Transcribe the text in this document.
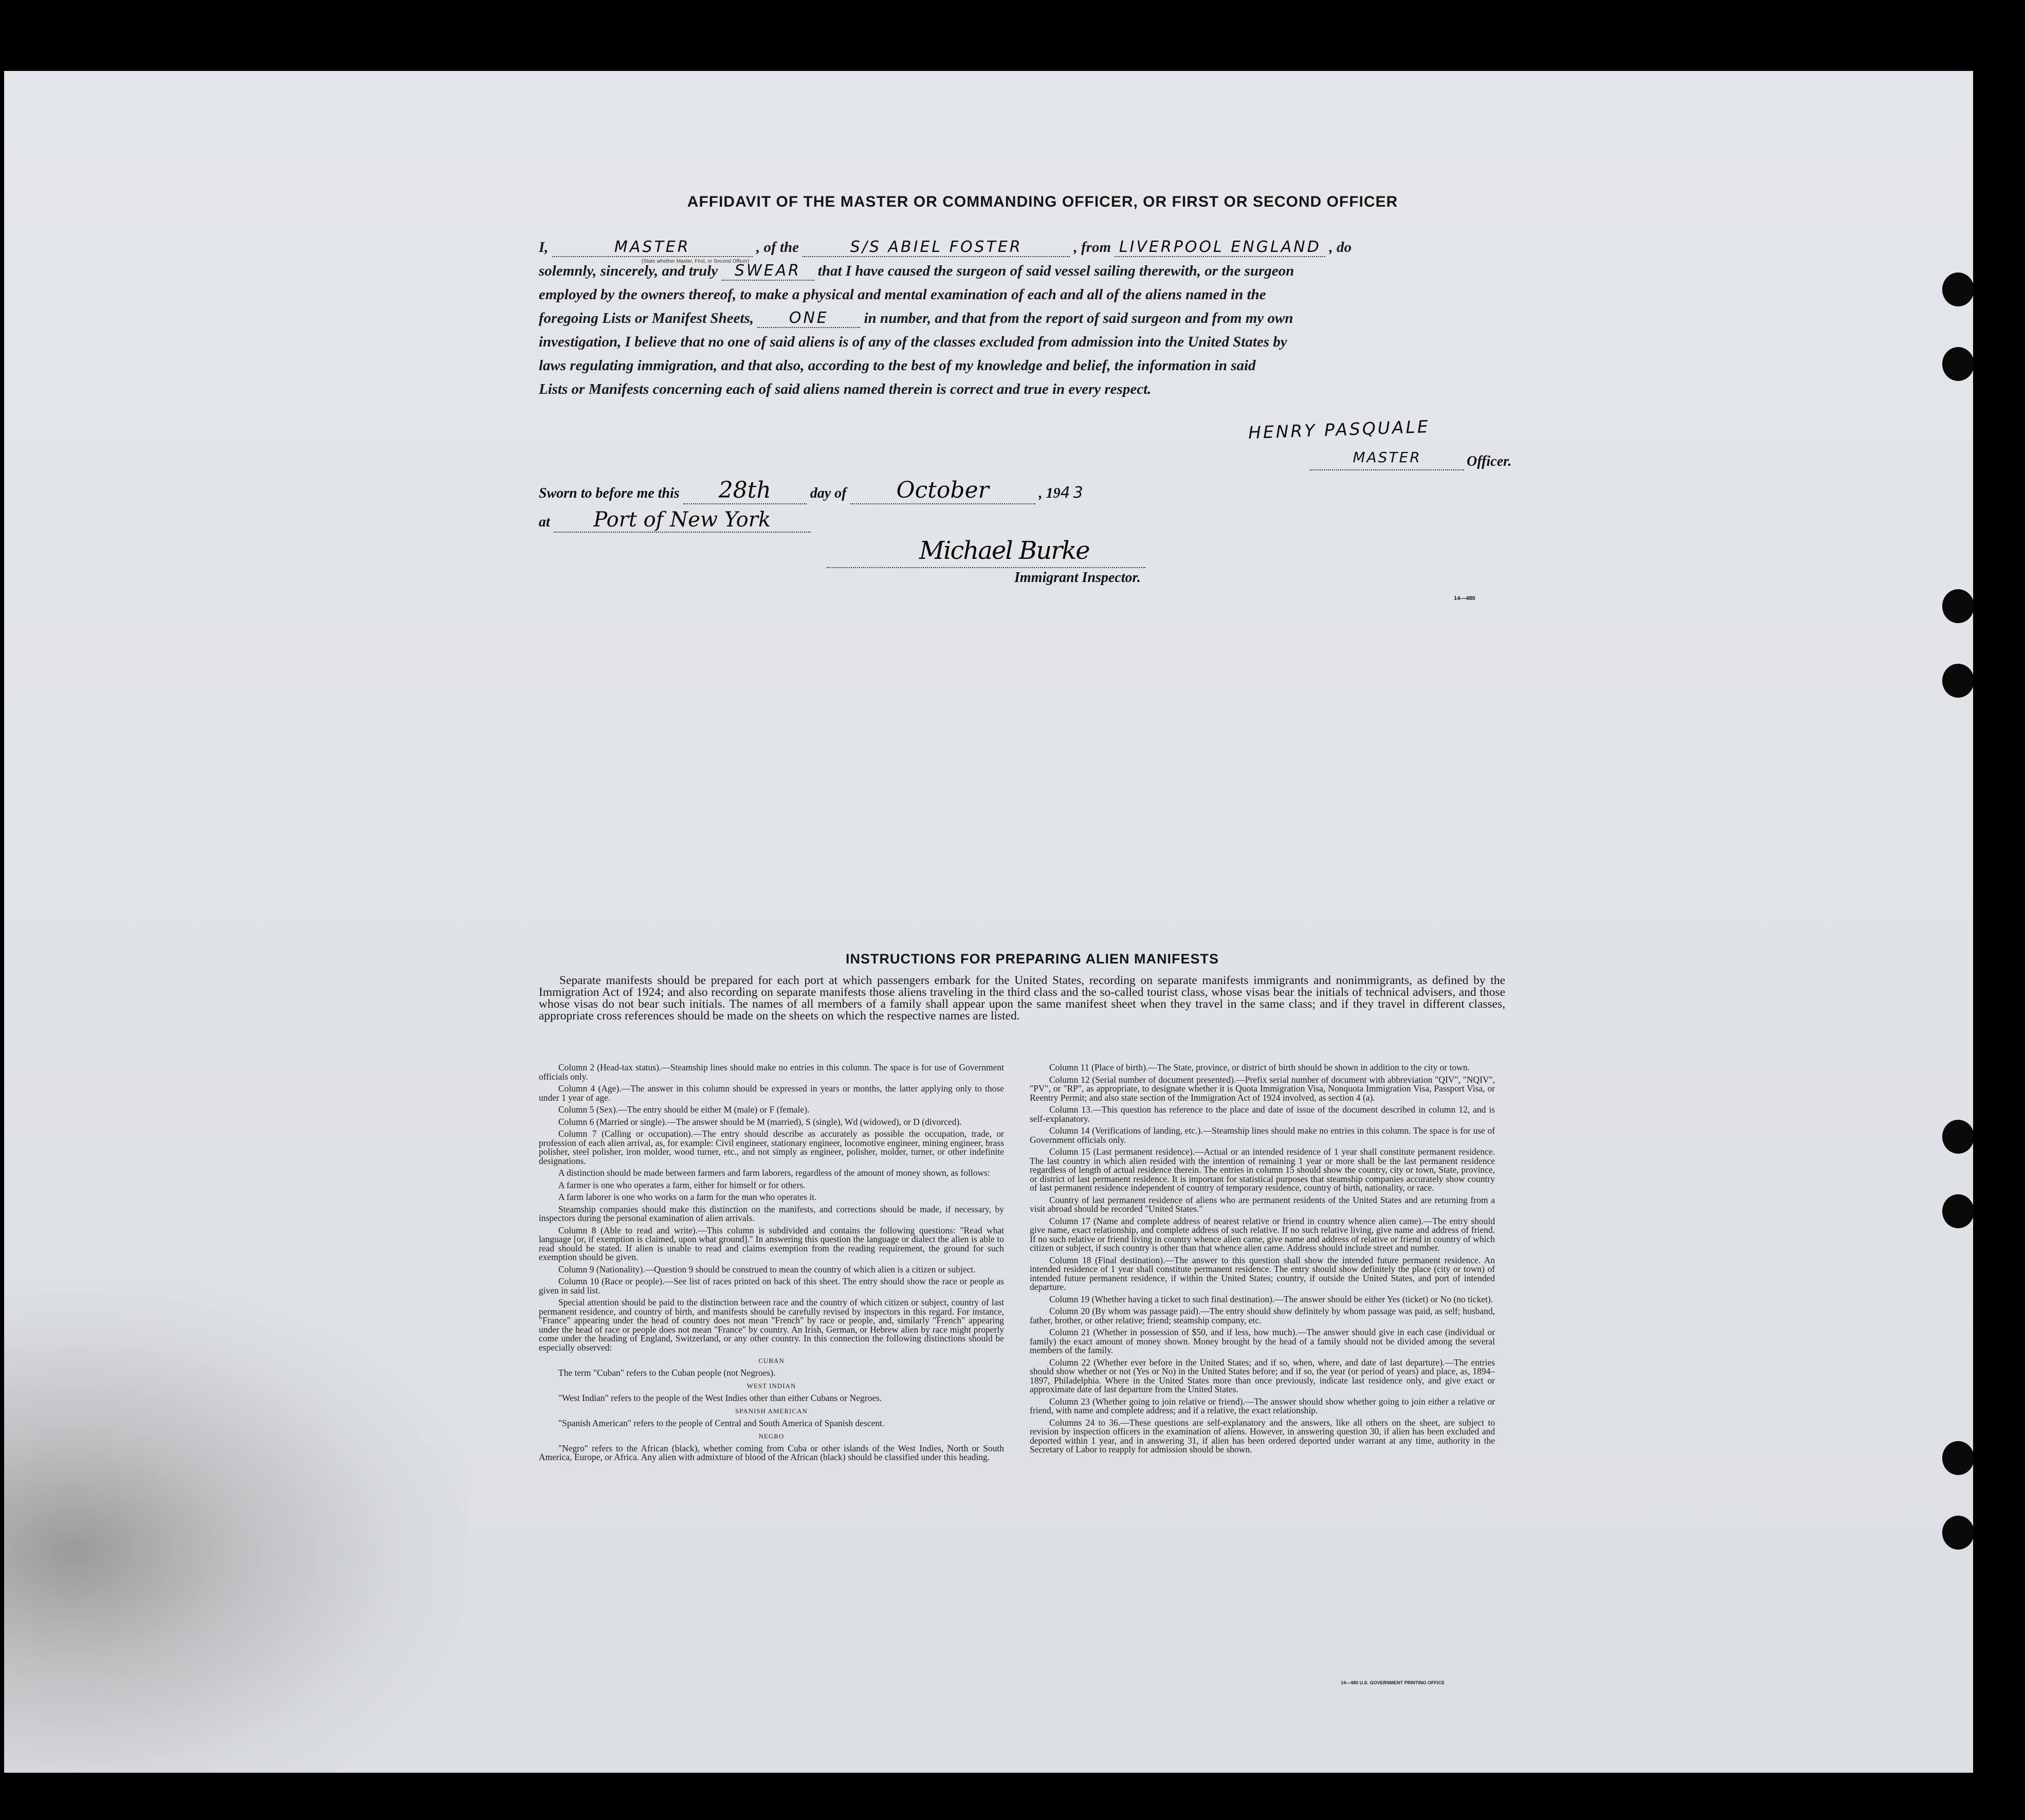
AFFIDAVIT OF THE MASTER OR COMMANDING OFFICER, OR FIRST OR SECOND OFFICER
I,	MASTER	, of the	S/S ABIEL FOSTER	, from LIVERPOOL ENGLAND , do
(State whether Master, First, or Second Officer)
solemnly, sincerely, and truly SWEAR that I have caused the surgeon of said vessel sailing therewith, or the surgeon
employed by the owners thereof, to make a physical and mental examination of each and all of the aliens named in the
foregoing Lists or Manifest Sheets, ONE in number, and that from the report of said surgeon and from my own
investigation, I believe that no one of said aliens is of any of the classes excluded from admission into the United States by
laws regulating immigration, and that also, according to the best of my knowledge and belief, the information in said
Lists or Manifests concerning each of said aliens named therein is correct and true in every respect.
HENRY PASQUALE
MASTER	Officer.
Sworn to before me this 28th	day of October	, 1943
at Port of New York
Michael Burke
Immigrant Inspector.
14—480
INSTRUCTIONS FOR PREPARING ALIEN MANIFESTS
Separate manifests should be prepared for each port at which passengers embark for the United States, recording on separate manifests immigrants and nonimmigrants, as defined by the Immigration Act of 1924; and also recording on separate manifests those aliens traveling in the third class and the so-called tourist class, whose visas bear the initials of technical advisers, and those whose visas do not bear such initials. The names of all members of a family shall appear upon the same manifest sheet when they travel in the same class; and if they travel in different classes, appropriate cross references should be made on the sheets on which the respective names are listed.

Column 2 (Head-tax status).—Steamship lines should make no entries in this column. The space is for use of Government officials only.

Column 4 (Age).—The answer in this column should be expressed in years or months, the latter applying only to those under 1 year of age.

Column 5 (Sex).—The entry should be either M (male) or F (female).

Column 6 (Married or single).—The answer should be M (married), S (single), Wd (widowed), or D (divorced).

Column 7 (Calling or occupation).—The entry should describe as accurately as possible the occupation, trade, or profession of each alien arrival, as, for example: Civil engineer, stationary engineer, locomotive engineer, mining engineer, brass polisher, steel polisher, iron molder, wood turner, etc., and not simply as engineer, polisher, molder, turner, or other indefinite designations.

A distinction should be made between farmers and farm laborers, regardless of the amount of money shown, as follows:

A farmer is one who operates a farm, either for himself or for others.

A farm laborer is one who works on a farm for the man who operates it.

Steamship companies should make this distinction on the manifests, and corrections should be made, if necessary, by inspectors during the personal examination of alien arrivals.

Column 8 (Able to read and write).—This column is subdivided and contains the following questions: "Read what language [or, if exemption is claimed, upon what ground]." In answering this question the language or dialect the alien is able to read should be stated. If alien is unable to read and claims exemption from the reading requirement, the ground for such exemption should be given.

Column 9 (Nationality).—Question 9 should be construed to mean the country of which alien is a citizen or subject.

Column 10 (Race or people).—See list of races printed on back of this sheet. The entry should show the race or people as given in said list.

Special attention should be paid to the distinction between race and the country of which citizen or subject, country of last permanent residence, and country of birth, and manifests should be carefully revised by inspectors in this regard. For instance, "France" appearing under the head of country does not mean "French" by race or people, and, similarly "French" appearing under the head of race or people does not mean "France" by country. An Irish, German, or Hebrew alien by race might properly come under the heading of England, Switzerland, or any other country. In this connection the following distinctions should be especially observed:

CUBAN

The term "Cuban" refers to the Cuban people (not Negroes).

WEST INDIAN

"West Indian" refers to the people of the West Indies other than either Cubans or Negroes.

SPANISH AMERICAN

"Spanish American" refers to the people of Central and South America of Spanish descent.

NEGRO

"Negro" refers to the African (black), whether coming from Cuba or other islands of the West Indies, North or South America, Europe, or Africa. Any alien with admixture of blood of the African (black) should be classified under this heading.

Column 11 (Place of birth).—The State, province, or district of birth should be shown in addition to the city or town.

Column 12 (Serial number of document presented).—Prefix serial number of document with abbreviation "QIV", "NQIV", "PV", or "RP", as appropriate, to designate whether it is Quota Immigration Visa, Nonquota Immigration Visa, Passport Visa, or Reentry Permit; and also state section of the Immigration Act of 1924 involved, as section 4 (a).

Column 13.—This question has reference to the place and date of issue of the document described in column 12, and is self-explanatory.

Column 14 (Verifications of landing, etc.).—Steamship lines should make no entries in this column. The space is for use of Government officials only.

Column 15 (Last permanent residence).—Actual or an intended residence of 1 year shall constitute permanent residence. The last country in which alien resided with the intention of remaining 1 year or more shall be the last permanent residence regardless of length of actual residence therein. The entries in column 15 should show the country, city or town, State, province, or district of last permanent residence. It is important for statistical purposes that steamship companies accurately show country of last permanent residence independent of country of temporary residence, country of birth, nationality, or race.

Country of last permanent residence of aliens who are permanent residents of the United States and are returning from a visit abroad should be recorded "United States."

Column 17 (Name and complete address of nearest relative or friend in country whence alien came).—The entry should give name, exact relationship, and complete address of such relative. If no such relative living, give name and address of friend. If no such relative or friend living in country whence alien came, give name and address of relative or friend in country of which citizen or subject, if such country is other than that whence alien came. Address should include street and number.

Column 18 (Final destination).—The answer to this question shall show the intended future permanent residence. An intended residence of 1 year shall constitute permanent residence. The entry should show definitely the place (city or town) of intended future permanent residence, if within the United States; country, if outside the United States, and port of intended departure.

Column 19 (Whether having a ticket to such final destination).—The answer should be either Yes (ticket) or No (no ticket).

Column 20 (By whom was passage paid).—The entry should show definitely by whom passage was paid, as self; husband, father, brother, or other relative; friend; steamship company, etc.

Column 21 (Whether in possession of $50, and if less, how much).—The answer should give in each case (individual or family) the exact amount of money shown. Money brought by the head of a family should not be divided among the several members of the family.

Column 22 (Whether ever before in the United States; and if so, when, where, and date of last departure).—The entries should show whether or not (Yes or No) in the United States before; and if so, the year (or period of years) and place, as, 1894–1897, Philadelphia. Where in the United States more than once previously, indicate last residence only, and give exact or approximate date of last departure from the United States.

Column 23 (Whether going to join relative or friend).—The answer should show whether going to join either a relative or friend, with name and complete address; and if a relative, the exact relationship.

Columns 24 to 36.—These questions are self-explanatory and the answers, like all others on the sheet, are subject to revision by inspection officers in the examination of aliens. However, in answering question 30, if alien has been excluded and deported within 1 year, and in answering 31, if alien has been ordered deported under warrant at any time, authority in the Secretary of Labor to reapply for admission should be shown.

14—480 U.S. GOVERNMENT PRINTING OFFICE
